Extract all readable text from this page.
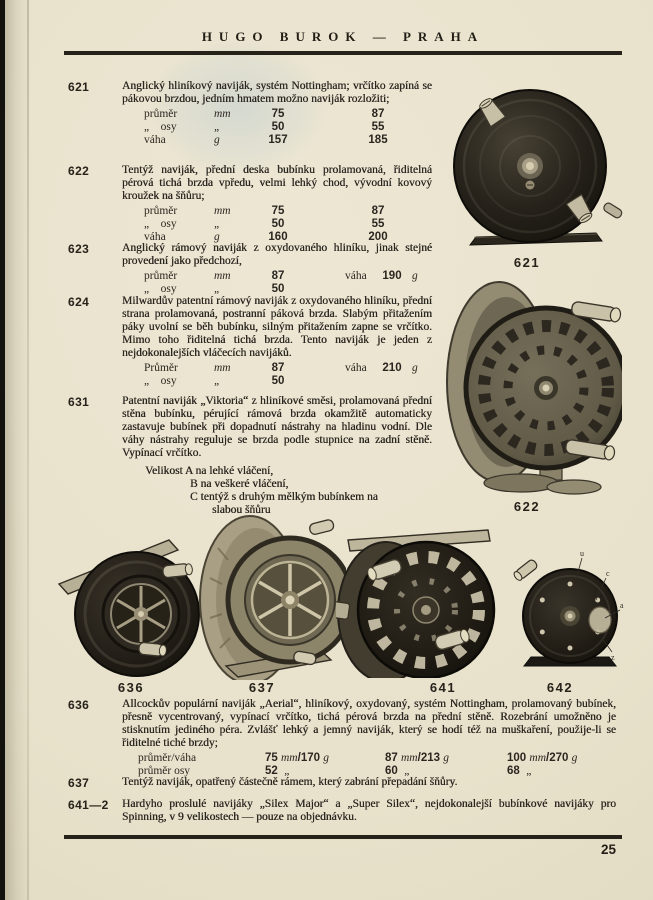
HUGO BUROK — PRAHA
621	Anglický hliníkový naviják, systém Nottingham; vrčítko zapíná se pákovou brzdou, jedním hmatem možno naviják rozložiti;

průměr	mm	75	87
„    osy	„	50	55
váha	g	157	185
622	Tentýž naviják, přední deska bubínku prolamovaná, řiditelná pérová tichá brzda vpředu, velmi lehký chod, vývodní kovový kroužek na šňůru;

průměr	mm	75	87
„    osy	„	50	55
váha	g	160	200
623	Anglický rámový naviják z oxydovaného hliníku, jinak stejné provedení jako předchozí,

průměr	mm	87	váha	190 g
„    osy	„	50
624	Milwardův patentní rámový naviják z oxydovaného hliníku, přední strana prolamovaná, postranní páková brzda. Slabým přitažením páky uvolní se běh bubínku, silným přitažením zapne se vrčítko. Mimo toho řiditelná tichá brzda. Tento naviják je jeden z nejdokonalejších vláčecích navijáků.

Průměr	mm	87	váha	210 g
„    osy	„	50
631	Patentní naviják „Viktoria“ z hliníkové směsi, prolamovaná přední stěna bubínku, pérující rámová brzda okamžitě automaticky zastavuje bubínek při dopadnutí nástrahy na hladinu vodní. Dle váhy nástrahy reguluje se brzda podle stupnice na zadní stěně. Vypínací vrčítko.

Velikost A na lehké vláčení,
B na veškeré vláčení,
C tentýž s druhým mělkým bubínkem na
slabou šňůru
636	Allcockův populární naviják „Aerial“, hliníkový, oxydovaný, systém Nottingham, prolamovaný bubínek, přesně vycentrovaný, vypínací vrčítko, tichá pérová brzda na přední stěně. Rozebrání umožněno je stisknutím jediného péra. Zvlášť lehký a jemný naviják, který se hodí též na muškaření, použije-li se řiditelné tiché brzdy;

průměr/váha	75 mm/170 g	87 mm/213 g	100 mm/270 g
průměr osy	52  „	60  „	68  „
637	Tentýž naviják, opatřený částečně rámem, který zabrání přepadání šňůry.

641—2 Hardyho proslulé navijáky „Silex Major“ a „Super Silex“, nejdokonalejší bubínkové navijáky pro Spinning, v 9 velikostech — pouze na objednávku.

621
622
636	637	641
u
c
a
z
642
25
